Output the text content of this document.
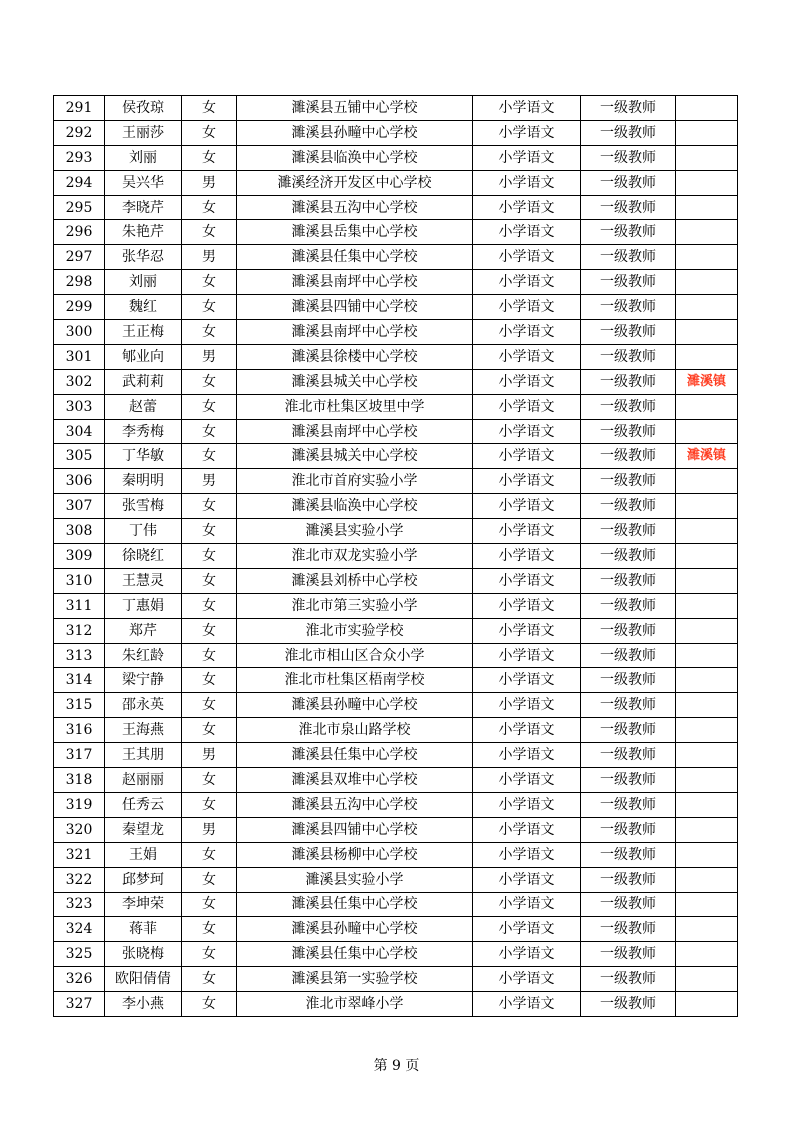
291	侯孜琼	女	濉溪县五铺中心学校	小学语文	一级教师	
292	王丽莎	女	濉溪县孙疃中心学校	小学语文	一级教师	
293	刘丽	女	濉溪县临涣中心学校	小学语文	一级教师	
294	吴兴华	男	濉溪经济开发区中心学校	小学语文	一级教师	
295	李晓芹	女	濉溪县五沟中心学校	小学语文	一级教师	
296	朱艳芹	女	濉溪县岳集中心学校	小学语文	一级教师	
297	张华忍	男	濉溪县任集中心学校	小学语文	一级教师	
298	刘丽	女	濉溪县南坪中心学校	小学语文	一级教师	
299	魏红	女	濉溪县四铺中心学校	小学语文	一级教师	
300	王正梅	女	濉溪县南坪中心学校	小学语文	一级教师	
301	郇业向	男	濉溪县徐楼中心学校	小学语文	一级教师	
302	武莉莉	女	濉溪县城关中心学校	小学语文	一级教师	濉溪镇
303	赵蕾	女	淮北市杜集区坡里中学	小学语文	一级教师	
304	李秀梅	女	濉溪县南坪中心学校	小学语文	一级教师	
305	丁华敏	女	濉溪县城关中心学校	小学语文	一级教师	濉溪镇
306	秦明明	男	淮北市首府实验小学	小学语文	一级教师	
307	张雪梅	女	濉溪县临涣中心学校	小学语文	一级教师	
308	丁伟	女	濉溪县实验小学	小学语文	一级教师	
309	徐晓红	女	淮北市双龙实验小学	小学语文	一级教师	
310	王慧灵	女	濉溪县刘桥中心学校	小学语文	一级教师	
311	丁惠娟	女	淮北市第三实验小学	小学语文	一级教师	
312	郑芹	女	淮北市实验学校	小学语文	一级教师	
313	朱红龄	女	淮北市相山区合众小学	小学语文	一级教师	
314	梁宁静	女	淮北市杜集区梧南学校	小学语文	一级教师	
315	邵永英	女	濉溪县孙疃中心学校	小学语文	一级教师	
316	王海燕	女	淮北市泉山路学校	小学语文	一级教师	
317	王其朋	男	濉溪县任集中心学校	小学语文	一级教师	
318	赵丽丽	女	濉溪县双堆中心学校	小学语文	一级教师	
319	任秀云	女	濉溪县五沟中心学校	小学语文	一级教师	
320	秦望龙	男	濉溪县四铺中心学校	小学语文	一级教师	
321	王娟	女	濉溪县杨柳中心学校	小学语文	一级教师	
322	邱梦珂	女	濉溪县实验小学	小学语文	一级教师	
323	李坤荣	女	濉溪县任集中心学校	小学语文	一级教师	
324	蒋菲	女	濉溪县孙疃中心学校	小学语文	一级教师	
325	张晓梅	女	濉溪县任集中心学校	小学语文	一级教师	
326	欧阳倩倩	女	濉溪县第一实验学校	小学语文	一级教师	
327	李小燕	女	淮北市翠峰小学	小学语文	一级教师	
第 9 页
